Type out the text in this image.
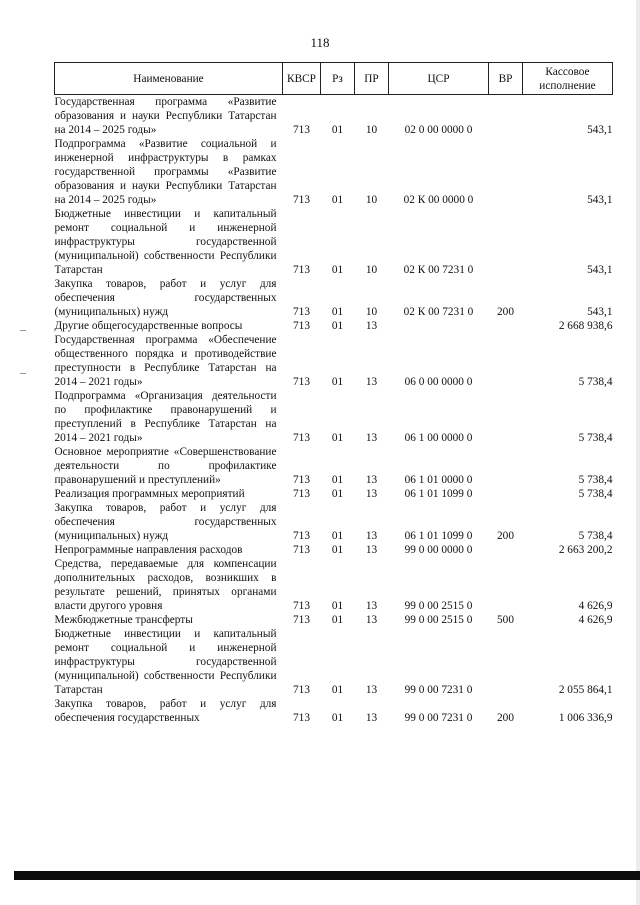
118
Наименование	КВСР	Рз	ПР	ЦСР	ВР	Кассовое исполнение
Государственная программа «Развитие образования и науки Республики Татарстан на 2014 – 2025 годы»	713	01	10	02 0 00 0000 0		543,1
Подпрограмма «Развитие социальной и инженерной инфраструктуры в рамках государственной программы «Развитие образования и науки Республики Татарстан на 2014 – 2025 годы»	713	01	10	02 К 00 0000 0		543,1
Бюджетные инвестиции и капитальный ремонт социальной и инженерной инфраструктуры государственной (муниципальной) собственности Республики Татарстан	713	01	10	02 К 00 7231 0		543,1
Закупка товаров, работ и услуг для обеспечения государственных (муниципальных) нужд	713	01	10	02 К 00 7231 0	200	543,1
Другие общегосударственные вопросы	713	01	13			2 668 938,6
Государственная программа «Обеспечение общественного порядка и противодействие преступности в Республике Татарстан на 2014 – 2021 годы»	713	01	13	06 0 00 0000 0		5 738,4
Подпрограмма «Организация деятельности по профилактике правонарушений и преступлений в Республике Татарстан на 2014 – 2021 годы»	713	01	13	06 1 00 0000 0		5 738,4
Основное мероприятие «Совершенствование деятельности по профилактике правонарушений и преступлений»	713	01	13	06 1 01 0000 0		5 738,4
Реализация программных мероприятий	713	01	13	06 1 01 1099 0		5 738,4
Закупка товаров, работ и услуг для обеспечения государственных (муниципальных) нужд	713	01	13	06 1 01 1099 0	200	5 738,4
Непрограммные направления расходов	713	01	13	99 0 00 0000 0		2 663 200,2
Средства, передаваемые для компенсации дополнительных расходов, возникших в результате решений, принятых органами власти другого уровня	713	01	13	99 0 00 2515 0		4 626,9
Межбюджетные трансферты	713	01	13	99 0 00 2515 0	500	4 626,9
Бюджетные инвестиции и капитальный ремонт социальной и инженерной инфраструктуры государственной (муниципальной) собственности Республики Татарстан	713	01	13	99 0 00 7231 0		2 055 864,1
Закупка товаров, работ и услуг для обеспечения государственных	713	01	13	99 0 00 7231 0	200	1 006 336,9
